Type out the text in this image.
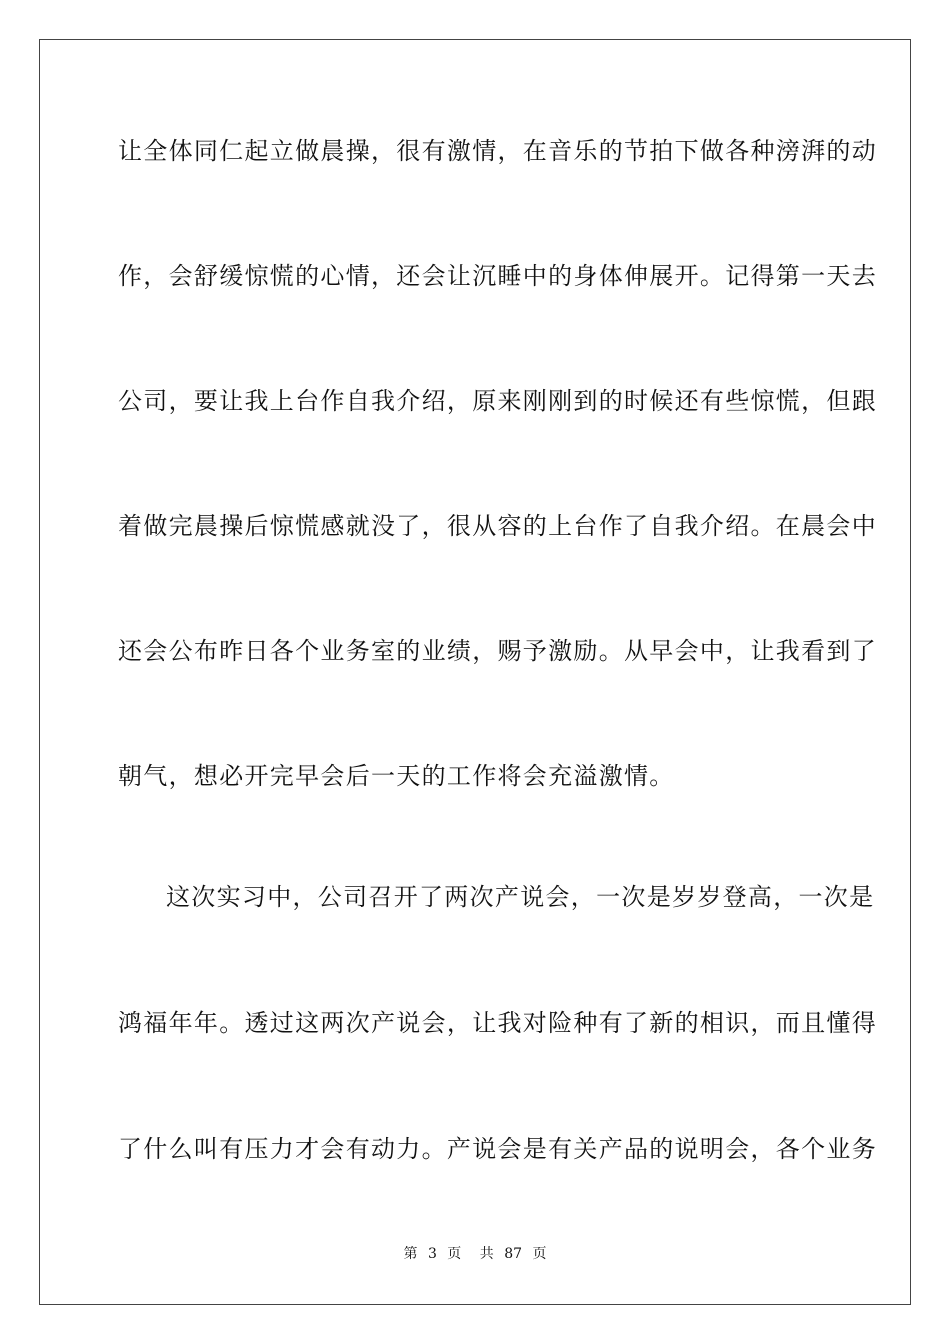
让全体同仁起立做晨操，很有激情，在音乐的节拍下做各种滂湃的动
作，会舒缓惊慌的心情，还会让沉睡中的身体伸展开。记得第一天去
公司，要让我上台作自我介绍，原来刚刚到的时候还有些惊慌，但跟
着做完晨操后惊慌感就没了，很从容的上台作了自我介绍。在晨会中
还会公布昨日各个业务室的业绩，赐予激励。从早会中，让我看到了
朝气，想必开完早会后一天的工作将会充溢激情。
这次实习中，公司召开了两次产说会，一次是岁岁登高，一次是
鸿福年年。透过这两次产说会，让我对险种有了新的相识，而且懂得
了什么叫有压力才会有动力。产说会是有关产品的说明会，各个业务
第 3 页 共 87 页
